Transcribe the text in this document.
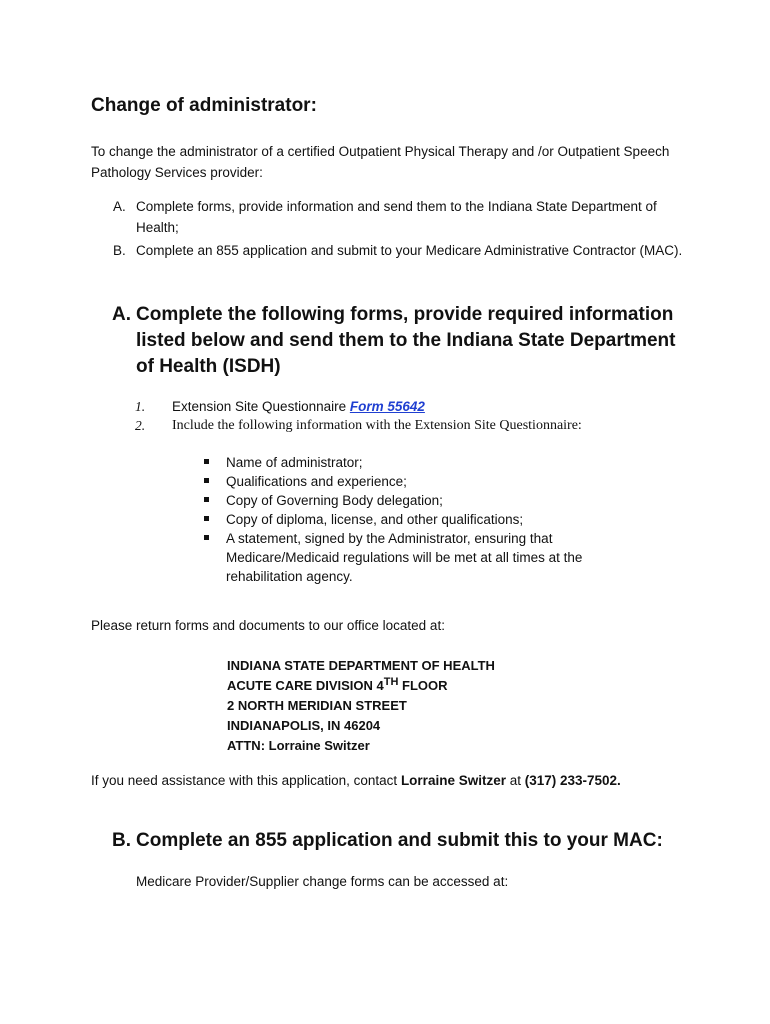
Change of administrator:

To change the administrator of a certified Outpatient Physical Therapy and /or Outpatient Speech Pathology Services provider:

A. Complete forms, provide information and send them to the Indiana State Department of Health;
B. Complete an 855 application and submit to your Medicare Administrative Contractor (MAC).
A. Complete the following forms, provide required information listed below and send them to the Indiana State Department of Health (ISDH)
1.	Extension Site Questionnaire Form 55642
2.	Include the following information with the Extension Site Questionnaire:
Name of administrator;
Qualifications and experience;
Copy of Governing Body delegation;
Copy of diploma, license, and other qualifications;
A statement, signed by the Administrator, ensuring that Medicare/Medicaid regulations will be met at all times at the rehabilitation agency.

Please return forms and documents to our office located at:

INDIANA STATE DEPARTMENT OF HEALTH
ACUTE CARE DIVISION 4TH FLOOR
2 NORTH MERIDIAN STREET
INDIANAPOLIS, IN 46204
ATTN: Lorraine Switzer

If you need assistance with this application, contact Lorraine Switzer at (317) 233-7502.

B. Complete an 855 application and submit this to your MAC:

Medicare Provider/Supplier change forms can be accessed at:
